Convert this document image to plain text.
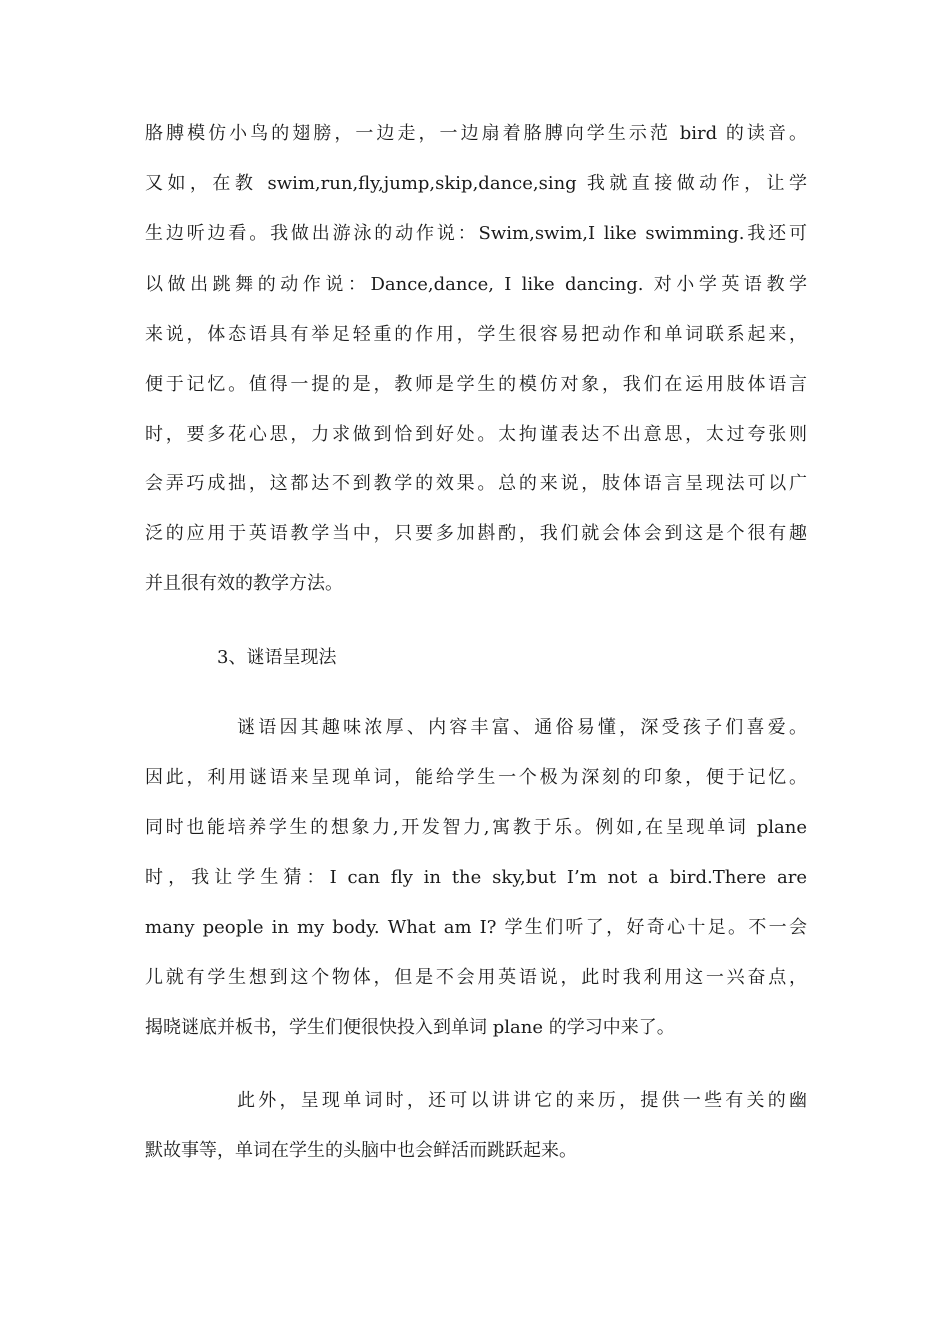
胳膊模仿小鸟的翅膀，一边走，一边扇着胳膊向学生示范 bird 的读音。
又如，在教 swim,run,fly,jump,skip,dance,sing 我就直接做动作，让学
生边听边看。我做出游泳的动作说：Swim,swim,I like swimming.我还可
以做出跳舞的动作说：Dance,dance, I like dancing. 对小学英语教学
来说，体态语具有举足轻重的作用，学生很容易把动作和单词联系起来，
便于记忆。值得一提的是，教师是学生的模仿对象，我们在运用肢体语言
时，要多花心思，力求做到恰到好处。太拘谨表达不出意思，太过夸张则
会弄巧成拙，这都达不到教学的效果。总的来说，肢体语言呈现法可以广
泛的应用于英语教学当中，只要多加斟酌，我们就会体会到这是个很有趣
并且很有效的教学方法。
3、谜语呈现法
谜语因其趣味浓厚、内容丰富、通俗易懂，深受孩子们喜爱。
因此，利用谜语来呈现单词，能给学生一个极为深刻的印象，便于记忆。
同时也能培养学生的想象力,开发智力,寓教于乐。例如,在呈现单词 plane
时，我让学生猜：I can fly in the sky,but I’m not a bird.There are
many people in my body. What am I? 学生们听了，好奇心十足。不一会
儿就有学生想到这个物体，但是不会用英语说，此时我利用这一兴奋点，
揭晓谜底并板书，学生们便很快投入到单词 plane 的学习中来了。
此外，呈现单词时，还可以讲讲它的来历，提供一些有关的幽
默故事等，单词在学生的头脑中也会鲜活而跳跃起来。
